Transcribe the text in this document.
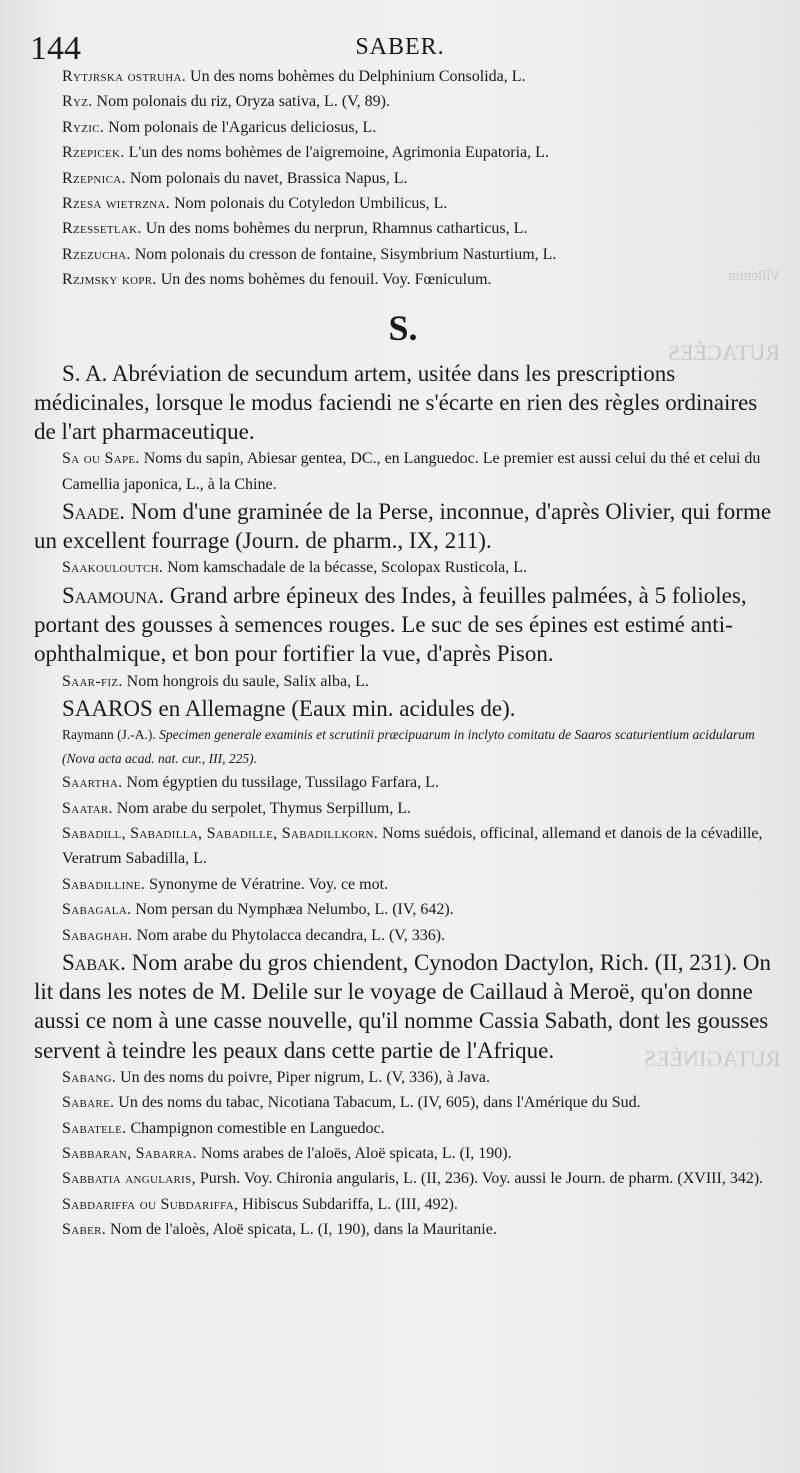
Villemin
RUTACÉES
RUTAGINÉES
144	SABER.

Rytjrska ostruha. Un des noms bohèmes du Delphinium Consolida, L.

Ryz. Nom polonais du riz, Oryza sativa, L. (V, 89).

Ryzic. Nom polonais de l'Agaricus deliciosus, L.

Rzepicek. L'un des noms bohèmes de l'aigremoine, Agrimonia Eupatoria, L.

Rzepnica. Nom polonais du navet, Brassica Napus, L.

Rzesa wietrzna. Nom polonais du Cotyledon Umbilicus, L.

Rzessetlak. Un des noms bohèmes du nerprun, Rhamnus catharticus, L.

Rzezucha. Nom polonais du cresson de fontaine, Sisymbrium Nasturtium, L.

Rzjmsky kopr. Un des noms bohèmes du fenouil. Voy. Fœniculum.

S.

S. A. Abréviation de secundum artem, usitée dans les prescriptions médicinales, lorsque le modus faciendi ne s'écarte en rien des règles ordinaires de l'art pharmaceutique.

Sa ou Sape. Noms du sapin, Abiesar gentea, DC., en Languedoc. Le premier est aussi celui du thé et celui du Camellia japonica, L., à la Chine.

Saade. Nom d'une graminée de la Perse, inconnue, d'après Olivier, qui forme un excellent fourrage (Journ. de pharm., IX, 211).

Saakouloutch. Nom kamschadale de la bécasse, Scolopax Rusticola, L.

Saamouna. Grand arbre épineux des Indes, à feuilles palmées, à 5 folioles, portant des gousses à semences rouges. Le suc de ses épines est estimé anti-ophthalmique, et bon pour fortifier la vue, d'après Pison.

Saar-fiz. Nom hongrois du saule, Salix alba, L.

SAAROS en Allemagne (Eaux min. acidules de).

Raymann (J.-A.). Specimen generale examinis et scrutinii præcipuarum in inclyto comitatu de Saaros scaturientium acidularum (Nova acta acad. nat. cur., III, 225).

Saartha. Nom égyptien du tussilage, Tussilago Farfara, L.

Saatar. Nom arabe du serpolet, Thymus Serpillum, L.

Sabadill, Sabadilla, Sabadille, Sabadillkorn. Noms suédois, officinal, allemand et danois de la cévadille, Veratrum Sabadilla, L.

Sabadilline. Synonyme de Vératrine. Voy. ce mot.

Sabagala. Nom persan du Nymphæa Nelumbo, L. (IV, 642).

Sabaghah. Nom arabe du Phytolacca decandra, L. (V, 336).

Sabak. Nom arabe du gros chiendent, Cynodon Dactylon, Rich. (II, 231). On lit dans les notes de M. Delile sur le voyage de Caillaud à Meroë, qu'on donne aussi ce nom à une casse nouvelle, qu'il nomme Cassia Sabath, dont les gousses servent à teindre les peaux dans cette partie de l'Afrique.

Sabang. Un des noms du poivre, Piper nigrum, L. (V, 336), à Java.

Sabare. Un des noms du tabac, Nicotiana Tabacum, L. (IV, 605), dans l'Amérique du Sud.

Sabatele. Champignon comestible en Languedoc.

Sabbaran, Sabarra. Noms arabes de l'aloës, Aloë spicata, L. (I, 190).

Sabbatia angularis, Pursh. Voy. Chironia angularis, L. (II, 236). Voy. aussi le Journ. de pharm. (XVIII, 342).

Sabdariffa ou Subdariffa, Hibiscus Subdariffa, L. (III, 492).

Saber. Nom de l'aloès, Aloë spicata, L. (I, 190), dans la Mauritanie.
